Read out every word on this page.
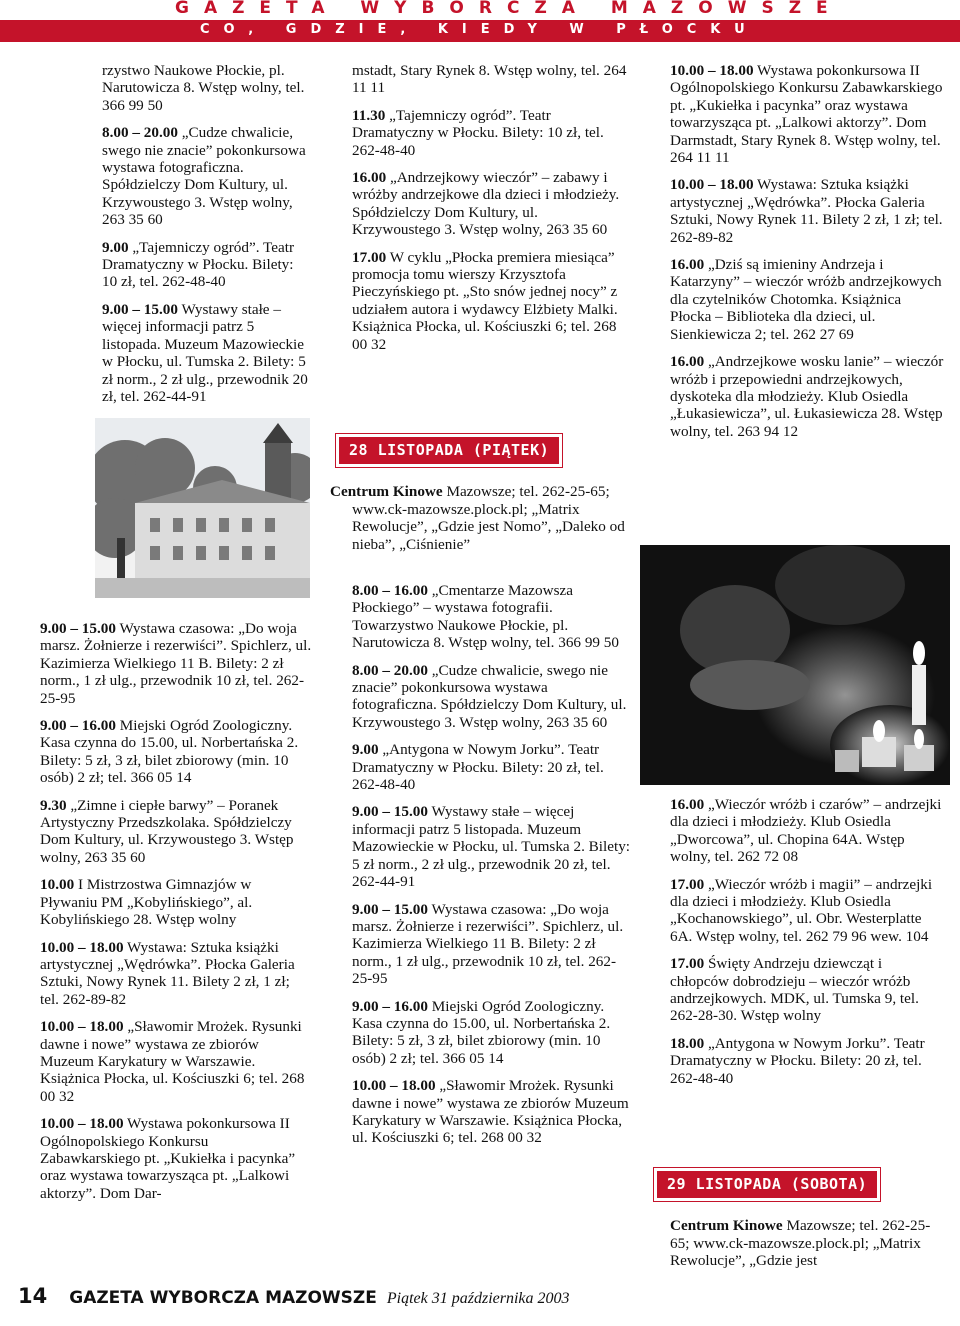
GAZETA WYBORCZA MAZOWSZE
CO, GDZIE, KIEDY W PŁOCKU

rzystwo Naukowe Płockie, pl. Narutowicza 8. Wstęp wolny, tel. 366 99 50

8.00 – 20.00 „Cudze chwalicie, swego nie znacie” pokonkursowa wystawa fotograficzna. Spółdzielczy Dom Kultury, ul. Krzywoustego 3. Wstęp wolny, 263 35 60

9.00 „Tajemniczy ogród”. Teatr Dramatyczny w Płocku. Bilety: 10 zł, tel. 262-48-40

9.00 – 15.00 Wystawy stałe – więcej informacji patrz 5 listopada. Muzeum Mazowieckie w Płocku, ul. Tumska 2. Bilety: 5 zł norm., 2 zł ulg., przewodnik 20 zł, tel. 262-44-91

9.00 – 15.00 Wystawa czasowa: „Do woja marsz. Żołnierze i rezerwiści”. Spichlerz, ul. Kazimierza Wielkiego 11 B. Bilety: 2 zł norm., 1 zł ulg., przewodnik 10 zł, tel. 262-25-95

9.00 – 16.00 Miejski Ogród Zoologiczny. Kasa czynna do 15.00, ul. Norbertańska 2. Bilety: 5 zł, 3 zł, bilet zbiorowy (min. 10 osób) 2 zł; tel. 366 05 14

9.30 „Zimne i ciepłe barwy” – Poranek Artystyczny Przedszkolaka. Spółdzielczy Dom Kultury, ul. Krzywoustego 3. Wstęp wolny, 263 35 60

10.00 I Mistrzostwa Gimnazjów w Pływaniu PM „Kobylińskiego”, al. Kobylińskiego 28. Wstęp wolny

10.00 – 18.00 Wystawa: Sztuka książki artystycznej „Wędrówka”. Płocka Galeria Sztuki, Nowy Rynek 11. Bilety 2 zł, 1 zł; tel. 262-89-82

10.00 – 18.00 „Sławomir Mrożek. Rysunki dawne i nowe” wystawa ze zbiorów Muzeum Karykatury w Warszawie. Książnica Płocka, ul. Kościuszki 6; tel. 268 00 32

10.00 – 18.00 Wystawa pokonkursowa II Ogólnopolskiego Konkursu Zabawkarskiego pt. „Kukiełka i pacynka” oraz wystawa towarzysząca pt. „Lalkowi aktorzy”. Dom Dar-

mstadt, Stary Rynek 8. Wstęp wolny, tel. 264 11 11

11.30 „Tajemniczy ogród”. Teatr Dramatyczny w Płocku. Bilety: 10 zł, tel. 262-48-40

16.00 „Andrzejkowy wieczór” – zabawy i wróżby andrzejkowe dla dzieci i młodzieży. Spółdzielczy Dom Kultury, ul. Krzywoustego 3. Wstęp wolny, 263 35 60

17.00 W cyklu „Płocka premiera miesiąca” promocja tomu wierszy Krzysztofa Pieczyńskiego pt. „Sto snów jednej nocy” z udziałem autora i wydawcy Elżbiety Malki. Książnica Płocka, ul. Kościuszki 6; tel. 268 00 32

28 LISTOPADA (PIĄTEK)

Centrum Kinowe Mazowsze; tel. 262-25-65; www.ck-mazowsze.plock.pl; „Matrix Rewolucje”, „Gdzie jest Nomo”, „Daleko od nieba”, „Ciśnienie”

8.00 – 16.00 „Cmentarze Mazowsza Płockiego” – wystawa fotografii. Towarzystwo Naukowe Płockie, pl. Narutowicza 8. Wstęp wolny, tel. 366 99 50

8.00 – 20.00 „Cudze chwalicie, swego nie znacie” pokonkursowa wystawa fotograficzna. Spółdzielczy Dom Kultury, ul. Krzywoustego 3. Wstęp wolny, 263 35 60

9.00 „Antygona w Nowym Jorku”. Teatr Dramatyczny w Płocku. Bilety: 20 zł, tel. 262-48-40

9.00 – 15.00 Wystawy stałe – więcej informacji patrz 5 listopada. Muzeum Mazowieckie w Płocku, ul. Tumska 2. Bilety: 5 zł norm., 2 zł ulg., przewodnik 20 zł, tel. 262-44-91

9.00 – 15.00 Wystawa czasowa: „Do woja marsz. Żołnierze i rezerwiści”. Spichlerz, ul. Kazimierza Wielkiego 11 B. Bilety: 2 zł norm., 1 zł ulg., przewodnik 10 zł, tel. 262-25-95

9.00 – 16.00 Miejski Ogród Zoologiczny. Kasa czynna do 15.00, ul. Norbertańska 2. Bilety: 5 zł, 3 zł, bilet zbiorowy (min. 10 osób) 2 zł; tel. 366 05 14

10.00 – 18.00 „Sławomir Mrożek. Rysunki dawne i nowe” wystawa ze zbiorów Muzeum Karykatury w Warszawie. Książnica Płocka, ul. Kościuszki 6; tel. 268 00 32

10.00 – 18.00 Wystawa pokonkursowa II Ogólnopolskiego Konkursu Zabawkarskiego pt. „Kukiełka i pacynka” oraz wystawa towarzysząca pt. „Lalkowi aktorzy”. Dom Darmstadt, Stary Rynek 8. Wstęp wolny, tel. 264 11 11

10.00 – 18.00 Wystawa: Sztuka książki artystycznej „Wędrówka”. Płocka Galeria Sztuki, Nowy Rynek 11. Bilety 2 zł, 1 zł; tel. 262-89-82

16.00 „Dziś są imieniny Andrzeja i Katarzyny” – wieczór wróżb andrzejkowych dla czytelników Chotomka. Książnica Płocka – Biblioteka dla dzieci, ul. Sienkiewicza 2; tel. 262 27 69

16.00 „Andrzejkowe wosku lanie” – wieczór wróżb i przepowiedni andrzejkowych, dyskoteka dla młodzieży. Klub Osiedla „Łukasiewicza”, ul. Łukasiewicza 28. Wstęp wolny, tel. 263 94 12

16.00 „Wieczór wróżb i czarów” – andrzejki dla dzieci i młodzieży. Klub Osiedla „Dworcowa”, ul. Chopina 64A. Wstęp wolny, tel. 262 72 08

17.00 „Wieczór wróżb i magii” – andrzejki dla dzieci i młodzieży. Klub Osiedla „Kochanowskiego”, ul. Obr. Westerplatte 6A. Wstęp wolny, tel. 262 79 96 wew. 104

17.00 Święty Andrzeju dziewcząt i chłopców dobrodzieju – wieczór wróżb andrzejkowych. MDK, ul. Tumska 9, tel. 262-28-30. Wstęp wolny

18.00 „Antygona w Nowym Jorku”. Teatr Dramatyczny w Płocku. Bilety: 20 zł, tel. 262-48-40

29 LISTOPADA (SOBOTA)

Centrum Kinowe Mazowsze; tel. 262-25-65; www.ck-mazowsze.plock.pl; „Matrix Rewolucje”, „Gdzie jest

14 GAZETA WYBORCZA MAZOWSZE Piątek 31 października 2003
